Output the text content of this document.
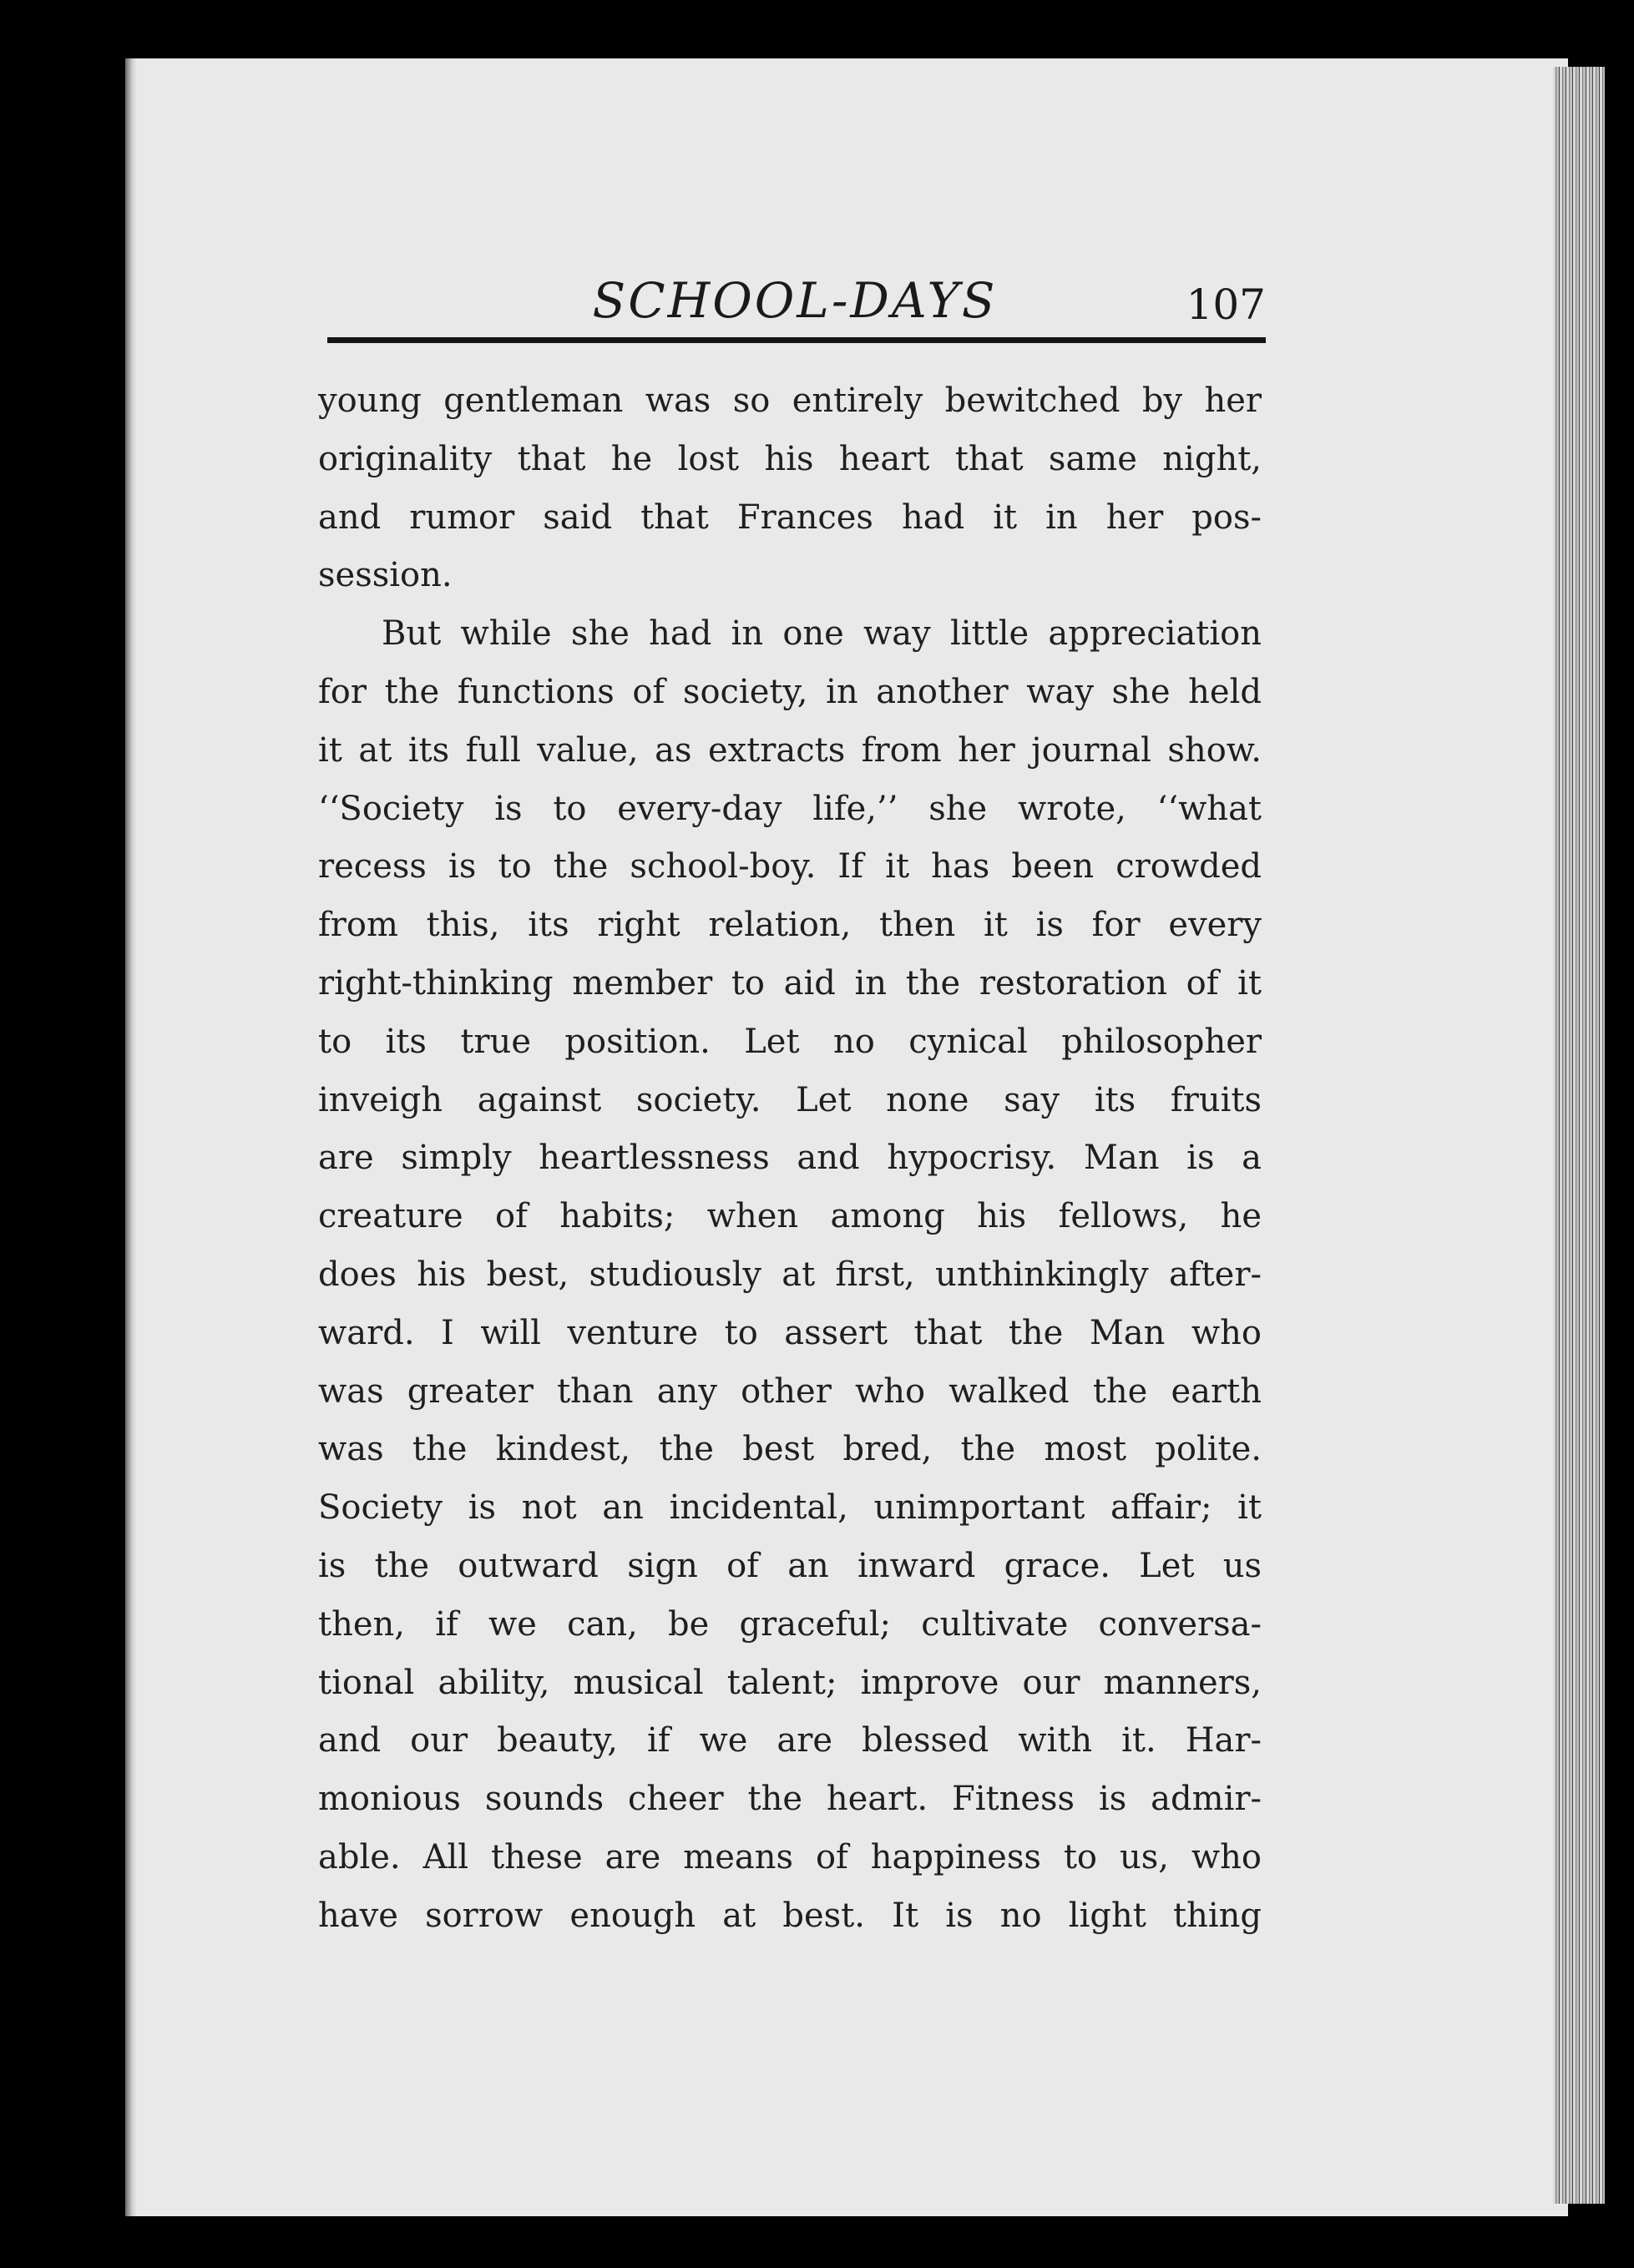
SCHOOL-DAYS	107
young gentleman was so entirely bewitched by her
originality that he lost his heart that same night,
and rumor said that Frances had it in her pos-
session.
But while she had in one way little appreciation
for the functions of society, in another way she held
it at its full value, as extracts from her journal show.
‘‘Society is to every-day life,’’ she wrote, ‘‘what
recess is to the school-boy. If it has been crowded
from this, its right relation, then it is for every
right-thinking member to aid in the restoration of it
to its true position. Let no cynical philosopher
inveigh against society. Let none say its fruits
are simply heartlessness and hypocrisy. Man is a
creature of habits; when among his fellows, he
does his best, studiously at first, unthinkingly after-
ward. I will venture to assert that the Man who
was greater than any other who walked the earth
was the kindest, the best bred, the most polite.
Society is not an incidental, unimportant affair; it
is the outward sign of an inward grace. Let us
then, if we can, be graceful; cultivate conversa-
tional ability, musical talent; improve our manners,
and our beauty, if we are blessed with it. Har-
monious sounds cheer the heart. Fitness is admir-
able. All these are means of happiness to us, who
have sorrow enough at best. It is no light thing
